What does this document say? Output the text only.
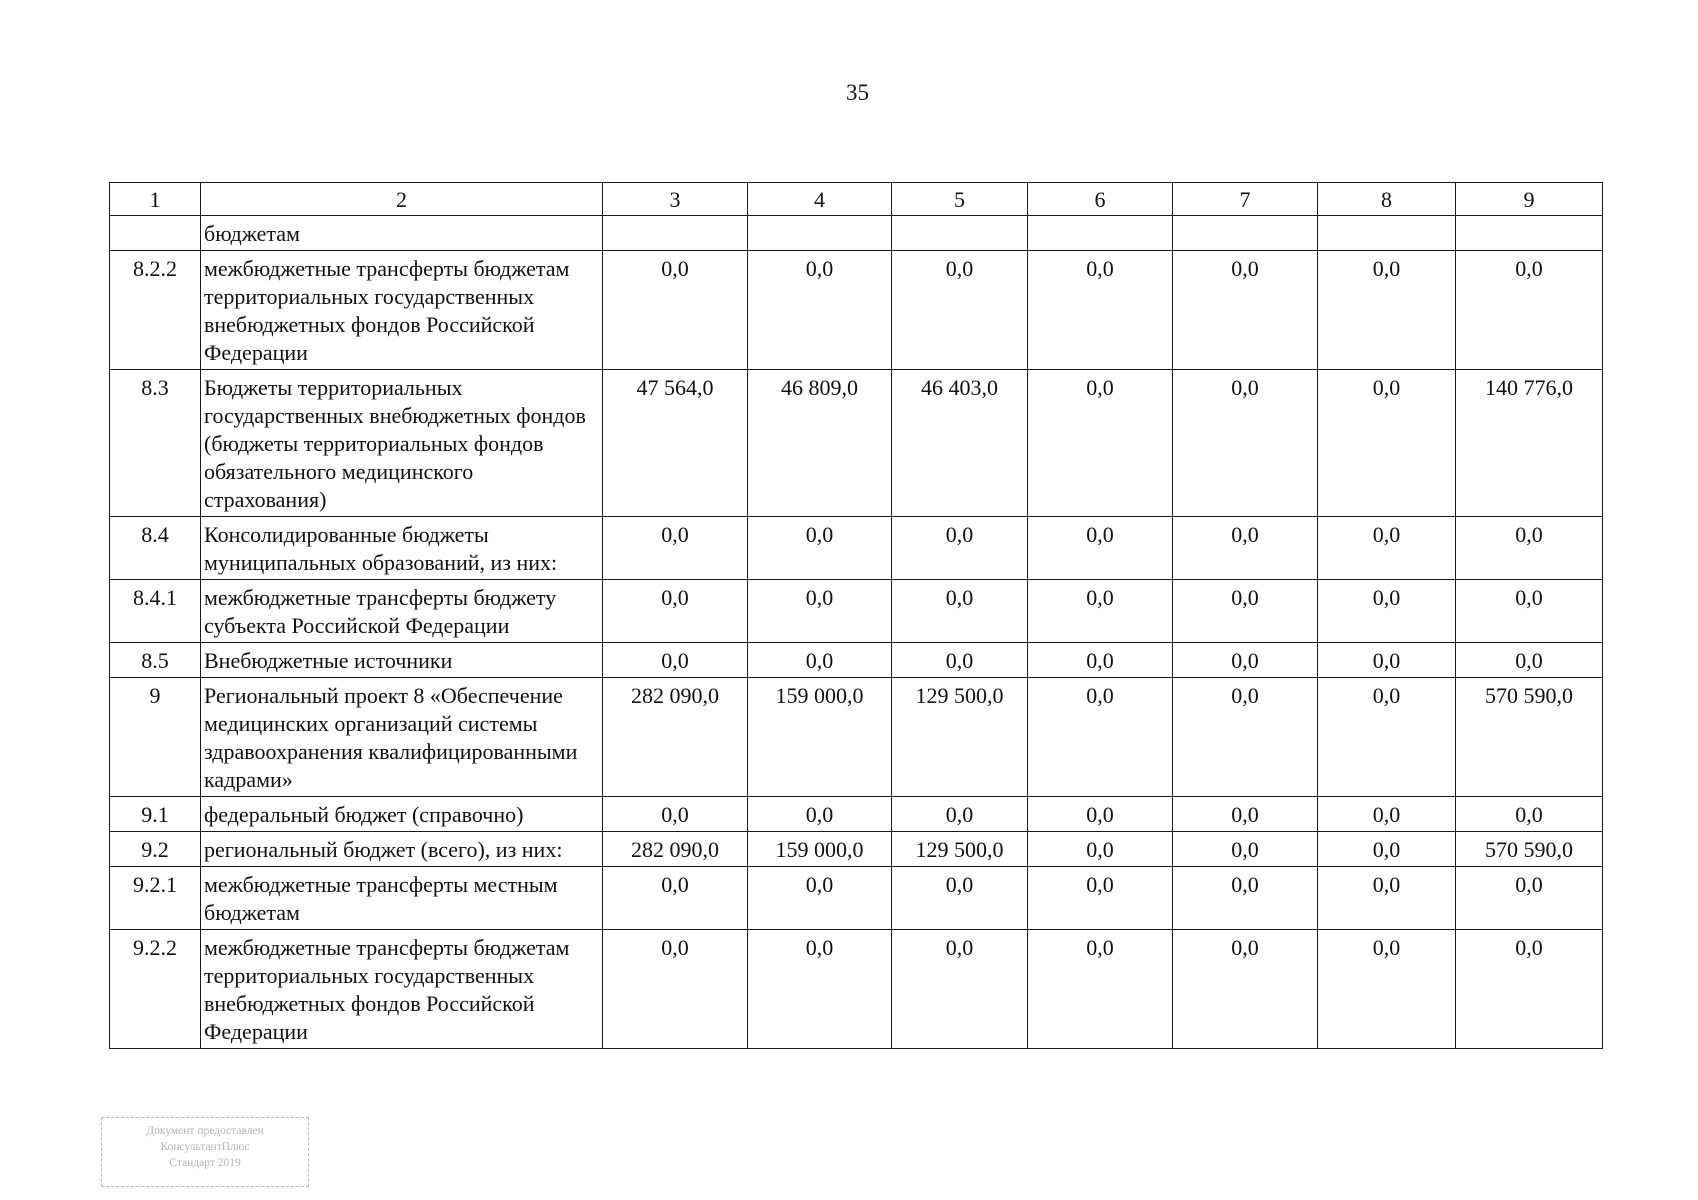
35
1	2	3	4	5	6	7	8	9
	бюджетам							
8.2.2	межбюджетные трансферты бюджетам территориальных государственных внебюджетных фондов Российской Федерации	0,0	0,0	0,0	0,0	0,0	0,0	0,0
8.3	Бюджеты территориальных государственных внебюджетных фондов (бюджеты территориальных фондов обязательного медицинского страхования)	47 564,0	46 809,0	46 403,0	0,0	0,0	0,0	140 776,0
8.4	Консолидированные бюджеты муниципальных образований, из них:	0,0	0,0	0,0	0,0	0,0	0,0	0,0
8.4.1	межбюджетные трансферты бюджету субъекта Российской Федерации	0,0	0,0	0,0	0,0	0,0	0,0	0,0
8.5	Внебюджетные источники	0,0	0,0	0,0	0,0	0,0	0,0	0,0
9	Региональный проект 8 «Обеспечение медицинских организаций системы здравоохранения квалифицированными кадрами»	282 090,0	159 000,0	129 500,0	0,0	0,0	0,0	570 590,0
9.1	федеральный бюджет (справочно)	0,0	0,0	0,0	0,0	0,0	0,0	0,0
9.2	региональный бюджет (всего), из них:	282 090,0	159 000,0	129 500,0	0,0	0,0	0,0	570 590,0
9.2.1	межбюджетные трансферты местным бюджетам	0,0	0,0	0,0	0,0	0,0	0,0	0,0
9.2.2	межбюджетные трансферты бюджетам территориальных государственных внебюджетных фондов Российской Федерации	0,0	0,0	0,0	0,0	0,0	0,0	0,0
Документ предоставлен
КонсультантПлюс
Стандарт 2019
